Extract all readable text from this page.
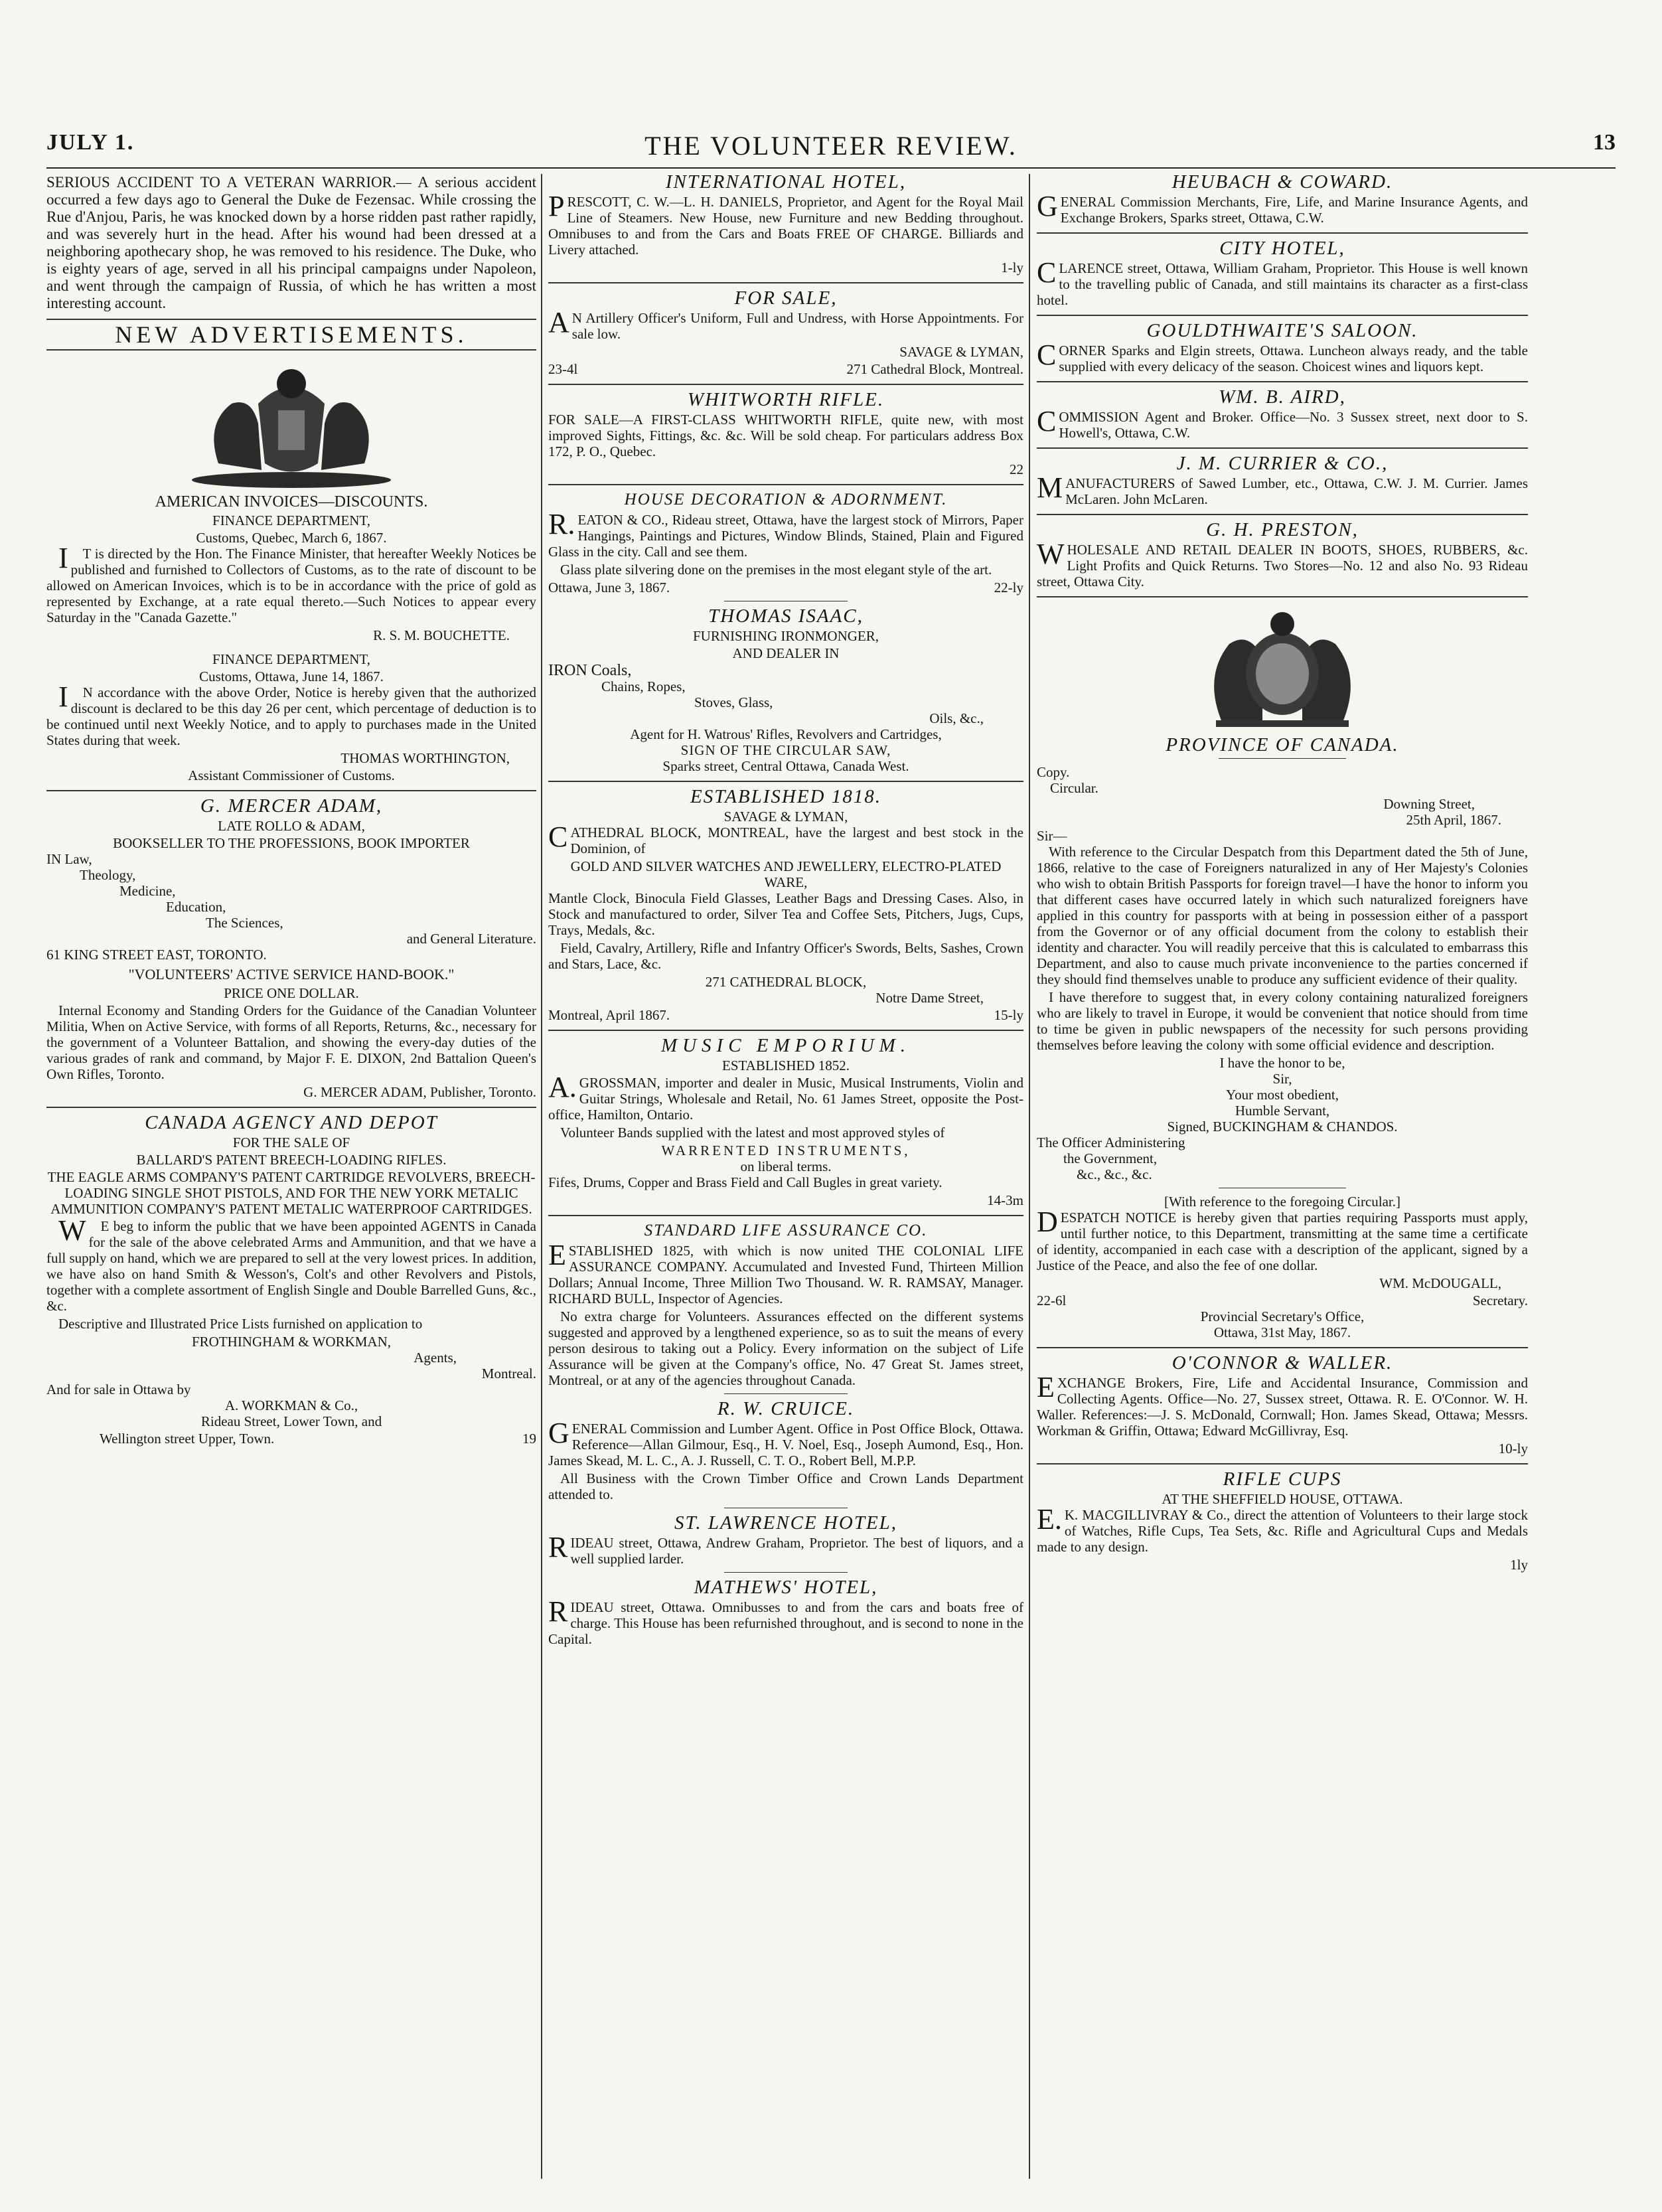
JULY 1.	THE VOLUNTEER REVIEW.	13

SERIOUS ACCIDENT TO A VETERAN WARRIOR.— A serious accident occurred a few days ago to General the Duke de Fezensac. While crossing the Rue d'Anjou, Paris, he was knocked down by a horse ridden past rather rapidly, and was severely hurt in the head. After his wound had been dressed at a neighboring apothecary shop, he was removed to his residence. The Duke, who is eighty years of age, served in all his principal campaigns under Napoleon, and went through the campaign of Russia, of which he has written a most interesting account.

NEW ADVERTISEMENTS.
AMERICAN INVOICES—DISCOUNTS.
FINANCE DEPARTMENT,
Customs, Quebec, March 6, 1867.

IT is directed by the Hon. The Finance Minister, that hereafter Weekly Notices be published and furnished to Collectors of Customs, as to the rate of discount to be allowed on American Invoices, which is to be in accordance with the price of gold as represented by Exchange, at a rate equal thereto.—Such Notices to appear every Saturday in the "Canada Gazette."

R. S. M. BOUCHETTE.
FINANCE DEPARTMENT,
Customs, Ottawa, June 14, 1867.

IN accordance with the above Order, Notice is hereby given that the authorized discount is declared to be this day 26 per cent, which percentage of deduction is to be continued until next Weekly Notice, and to apply to purchases made in the United States during that week.

THOMAS WORTHINGTON,
Assistant Commissioner of Customs.
G. MERCER ADAM,
LATE ROLLO & ADAM,
BOOKSELLER TO THE PROFESSIONS, BOOK IMPORTER
IN Law,
Theology,
Medicine,
Education,
The Sciences,
and General Literature.
61 KING STREET EAST, TORONTO.
"VOLUNTEERS' ACTIVE SERVICE HAND-BOOK."
PRICE ONE DOLLAR.

Internal Economy and Standing Orders for the Guidance of the Canadian Volunteer Militia, When on Active Service, with forms of all Reports, Returns, &c., necessary for the government of a Volunteer Battalion, and showing the every-day duties of the various grades of rank and command, by Major F. E. DIXON, 2nd Battalion Queen's Own Rifles, Toronto.

G. MERCER ADAM, Publisher, Toronto.
CANADA AGENCY AND DEPOT
FOR THE SALE OF
BALLARD'S PATENT BREECH-LOADING RIFLES.
THE EAGLE ARMS COMPANY'S PATENT CARTRIDGE REVOLVERS, BREECH-LOADING SINGLE SHOT PISTOLS, AND FOR THE NEW YORK METALIC AMMUNITION COMPANY'S PATENT METALIC WATERPROOF CARTRIDGES.

WE beg to inform the public that we have been appointed AGENTS in Canada for the sale of the above celebrated Arms and Ammunition, and that we have a full supply on hand, which we are prepared to sell at the very lowest prices. In addition, we have also on hand Smith & Wesson's, Colt's and other Revolvers and Pistols, together with a complete assortment of English Single and Double Barrelled Guns, &c., &c.

Descriptive and Illustrated Price Lists furnished on application to

FROTHINGHAM & WORKMAN,
Agents,
Montreal.
And for sale in Ottawa by
A. WORKMAN & Co.,
Rideau Street, Lower Town, and
Wellington street Upper, Town.	19
INTERNATIONAL HOTEL,

PRESCOTT, C. W.—L. H. DANIELS, Proprietor, and Agent for the Royal Mail Line of Steamers. New House, new Furniture and new Bedding throughout. Omnibuses to and from the Cars and Boats FREE OF CHARGE. Billiards and Livery attached.

1-ly
FOR SALE,

AN Artillery Officer's Uniform, Full and Undress, with Horse Appointments. For sale low.

SAVAGE & LYMAN,
23-4l	271 Cathedral Block, Montreal.
WHITWORTH RIFLE.

FOR SALE—A FIRST-CLASS WHITWORTH RIFLE, quite new, with most improved Sights, Fittings, &c. &c. Will be sold cheap. For particulars address Box 172, P. O., Quebec.

22
HOUSE DECORATION & ADORNMENT.

R.EATON & CO., Rideau street, Ottawa, have the largest stock of Mirrors, Paper Hangings, Paintings and Pictures, Window Blinds, Stained, Plain and Figured Glass in the city. Call and see them.

Glass plate silvering done on the premises in the most elegant style of the art.

Ottawa, June 3, 1867.	22-ly
THOMAS ISAAC,
FURNISHING IRONMONGER,
AND DEALER IN
IRON Coals,
Chains, Ropes,
Stoves, Glass,
Oils, &c.,
Agent for H. Watrous' Rifles, Revolvers and Cartridges,
SIGN OF THE CIRCULAR SAW,
Sparks street, Central Ottawa, Canada West.
ESTABLISHED 1818.
SAVAGE & LYMAN,

CATHEDRAL BLOCK, MONTREAL, have the largest and best stock in the Dominion, of

GOLD AND SILVER WATCHES AND JEWELLERY, ELECTRO-PLATED WARE,

Mantle Clock, Binocula Field Glasses, Leather Bags and Dressing Cases. Also, in Stock and manufactured to order, Silver Tea and Coffee Sets, Pitchers, Jugs, Cups, Trays, Medals, &c.

Field, Cavalry, Artillery, Rifle and Infantry Officer's Swords, Belts, Sashes, Crown and Stars, Lace, &c.

271 CATHEDRAL BLOCK,
Notre Dame Street,
Montreal, April 1867.	15-ly
MUSIC EMPORIUM.
ESTABLISHED 1852.

A.GROSSMAN, importer and dealer in Music, Musical Instruments, Violin and Guitar Strings, Wholesale and Retail, No. 61 James Street, opposite the Post-office, Hamilton, Ontario.

Volunteer Bands supplied with the latest and most approved styles of

WARRENTED INSTRUMENTS,
on liberal terms.

Fifes, Drums, Copper and Brass Field and Call Bugles in great variety.

14-3m
STANDARD LIFE ASSURANCE CO.

ESTABLISHED 1825, with which is now united THE COLONIAL LIFE ASSURANCE COMPANY. Accumulated and Invested Fund, Thirteen Million Dollars; Annual Income, Three Million Two Thousand. W. R. RAMSAY, Manager. RICHARD BULL, Inspector of Agencies.

No extra charge for Volunteers. Assurances effected on the different systems suggested and approved by a lengthened experience, so as to suit the means of every person desirous to taking out a Policy. Every information on the subject of Life Assurance will be given at the Company's office, No. 47 Great St. James street, Montreal, or at any of the agencies throughout Canada.

R. W. CRUICE.

GENERAL Commission and Lumber Agent. Office in Post Office Block, Ottawa. Reference—Allan Gilmour, Esq., H. V. Noel, Esq., Joseph Aumond, Esq., Hon. James Skead, M. L. C., A. J. Russell, C. T. O., Robert Bell, M.P.P.

All Business with the Crown Timber Office and Crown Lands Department attended to.

ST. LAWRENCE HOTEL,

RIDEAU street, Ottawa, Andrew Graham, Proprietor. The best of liquors, and a well supplied larder.

MATHEWS' HOTEL,

RIDEAU street, Ottawa. Omnibusses to and from the cars and boats free of charge. This House has been refurnished throughout, and is second to none in the Capital.

HEUBACH & COWARD.

GENERAL Commission Merchants, Fire, Life, and Marine Insurance Agents, and Exchange Brokers, Sparks street, Ottawa, C.W.

CITY HOTEL,

CLARENCE street, Ottawa, William Graham, Proprietor. This House is well known to the travelling public of Canada, and still maintains its character as a first-class hotel.

GOULDTHWAITE'S SALOON.

CORNER Sparks and Elgin streets, Ottawa. Luncheon always ready, and the table supplied with every delicacy of the season. Choicest wines and liquors kept.

WM. B. AIRD,

COMMISSION Agent and Broker. Office—No. 3 Sussex street, next door to S. Howell's, Ottawa, C.W.

J. M. CURRIER & CO.,

MANUFACTURERS of Sawed Lumber, etc., Ottawa, C.W. J. M. Currier. James McLaren. John McLaren.

G. H. PRESTON,

WHOLESALE AND RETAIL DEALER IN BOOTS, SHOES, RUBBERS, &c. Light Profits and Quick Returns. Two Stores—No. 12 and also No. 93 Rideau street, Ottawa City.

PROVINCE OF CANADA.
Copy.
Circular.
Downing Street,
25th April, 1867.
Sir—

With reference to the Circular Despatch from this Department dated the 5th of June, 1866, relative to the case of Foreigners naturalized in any of Her Majesty's Colonies who wish to obtain British Passports for foreign travel—I have the honor to inform you that different cases have occurred lately in which such naturalized foreigners have applied in this country for passports with at being in possession either of a passport from the Governor or of any official document from the colony to establish their identity and character. You will readily perceive that this is calculated to embarrass this Department, and also to cause much private inconvenience to the parties concerned if they should find themselves unable to produce any sufficient evidence of their quality.

I have therefore to suggest that, in every colony containing naturalized foreigners who are likely to travel in Europe, it would be convenient that notice should from time to time be given in public newspapers of the necessity for such persons providing themselves before leaving the colony with some official evidence and description.

I have the honor to be,
Sir,
Your most obedient,
Humble Servant,
Signed, BUCKINGHAM & CHANDOS.
The Officer Administering
the Government,
&c., &c., &c.
[With reference to the foregoing Circular.]

DESPATCH NOTICE is hereby given that parties requiring Passports must apply, until further notice, to this Department, transmitting at the same time a certificate of identity, accompanied in each case with a description of the applicant, signed by a Justice of the Peace, and also the fee of one dollar.

WM. McDOUGALL,
22-6l	Secretary.
Provincial Secretary's Office,
Ottawa, 31st May, 1867.
O'CONNOR & WALLER.

EXCHANGE Brokers, Fire, Life and Accidental Insurance, Commission and Collecting Agents. Office—No. 27, Sussex street, Ottawa. R. E. O'Connor. W. H. Waller. References:—J. S. McDonald, Cornwall; Hon. James Skead, Ottawa; Messrs. Workman & Griffin, Ottawa; Edward McGillivray, Esq.

10-ly
RIFLE CUPS
AT THE SHEFFIELD HOUSE, OTTAWA.

E.K. MACGILLIVRAY & Co., direct the attention of Volunteers to their large stock of Watches, Rifle Cups, Tea Sets, &c. Rifle and Agricultural Cups and Medals made to any design.

1ly
